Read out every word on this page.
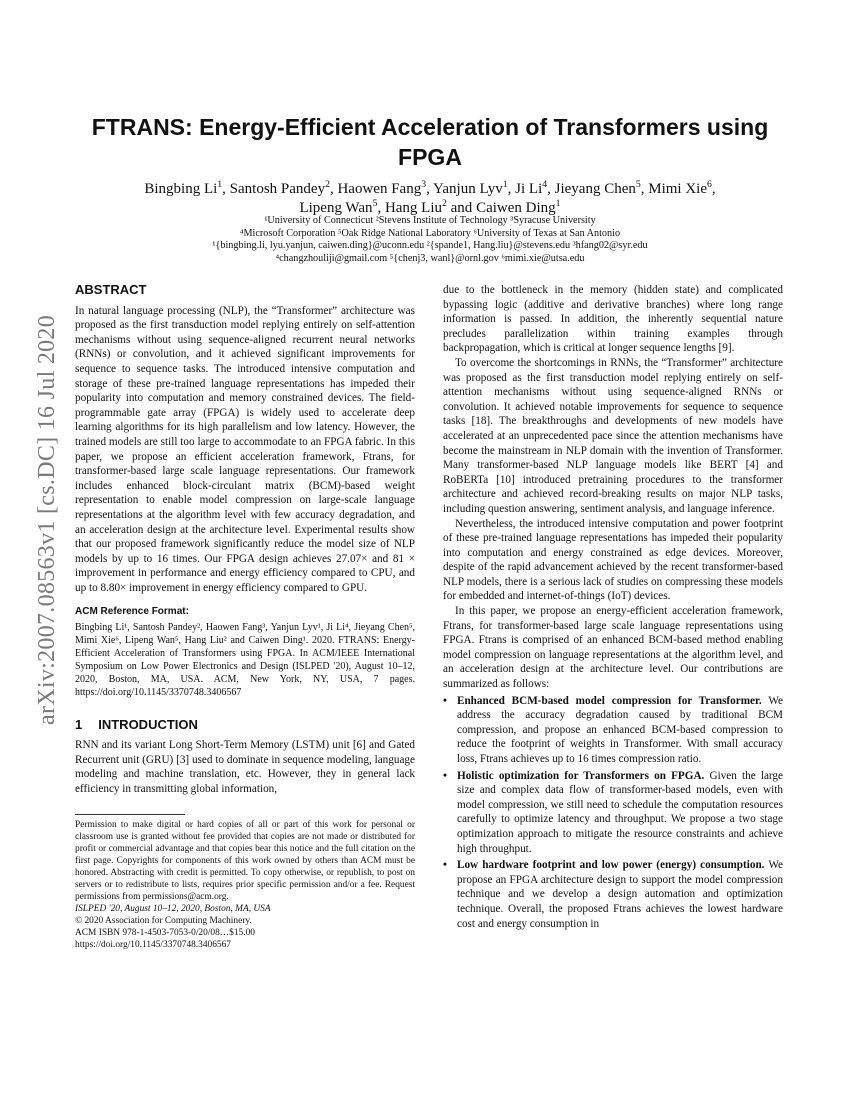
arXiv:2007.08563v1 [cs.DC] 16 Jul 2020
FTRANS: Energy-Efficient Acceleration of Transformers using FPGA
Bingbing Li$^1$, Santosh Pandey$^2$, Haowen Fang$^3$, Yanjun Lyv$^1$, Ji Li$^4$, Jieyang Chen$^5$, Mimi Xie$^6$,
Lipeng Wan$^5$, Hang Liu$^2$ and Caiwen Ding$^1$
¹University of Connecticut ²Stevens Institute of Technology ³Syracuse University
⁴Microsoft Corporation ⁵Oak Ridge National Laboratory ⁶University of Texas at San Antonio
¹{bingbing.li, lyu.yanjun, caiwen.ding}@uconn.edu ²{spande1, Hang.liu}@stevens.edu ³hfang02@syr.edu
⁴changzhouliji@gmail.com ⁵{chenj3, wanl}@ornl.gov ⁶mimi.xie@utsa.edu
ABSTRACT

In natural language processing (NLP), the “Transformer” architecture was proposed as the first transduction model replying entirely on self-attention mechanisms without using sequence-aligned recurrent neural networks (RNNs) or convolution, and it achieved significant improvements for sequence to sequence tasks. The introduced intensive computation and storage of these pre-trained language representations has impeded their popularity into computation and memory constrained devices. The field-programmable gate array (FPGA) is widely used to accelerate deep learning algorithms for its high parallelism and low latency. However, the trained models are still too large to accommodate to an FPGA fabric. In this paper, we propose an efficient acceleration framework, Ftrans, for transformer-based large scale language representations. Our framework includes enhanced block-circulant matrix (BCM)-based weight representation to enable model compression on large-scale language representations at the algorithm level with few accuracy degradation, and an acceleration design at the architecture level. Experimental results show that our proposed framework significantly reduce the model size of NLP models by up to 16 times. Our FPGA design achieves 27.07× and 81 × improvement in performance and energy efficiency compared to CPU, and up to 8.80× improvement in energy efficiency compared to GPU.

ACM Reference Format:

Bingbing Li¹, Santosh Pandey², Haowen Fang³, Yanjun Lyv¹, Ji Li⁴, Jieyang Chen⁵, Mimi Xie⁶, Lipeng Wan⁵, Hang Liu² and Caiwen Ding¹. 2020. FTRANS: Energy-Efficient Acceleration of Transformers using FPGA. In ACM/IEEE International Symposium on Low Power Electronics and Design (ISLPED '20), August 10–12, 2020, Boston, MA, USA. ACM, New York, NY, USA, 7 pages. https://doi.org/10.1145/3370748.3406567

1 INTRODUCTION

RNN and its variant Long Short-Term Memory (LSTM) unit [6] and Gated Recurrent unit (GRU) [3] used to dominate in sequence modeling, language modeling and machine translation, etc. However, they in general lack efficiency in transmitting global information,

Permission to make digital or hard copies of all or part of this work for personal or classroom use is granted without fee provided that copies are not made or distributed for profit or commercial advantage and that copies bear this notice and the full citation on the first page. Copyrights for components of this work owned by others than ACM must be honored. Abstracting with credit is permitted. To copy otherwise, or republish, to post on servers or to redistribute to lists, requires prior specific permission and/or a fee. Request permissions from permissions@acm.org.

ISLPED '20, August 10–12, 2020, Boston, MA, USA

© 2020 Association for Computing Machinery.

ACM ISBN 978-1-4503-7053-0/20/08…$15.00

https://doi.org/10.1145/3370748.3406567

due to the bottleneck in the memory (hidden state) and complicated bypassing logic (additive and derivative branches) where long range information is passed. In addition, the inherently sequential nature precludes parallelization within training examples through backpropagation, which is critical at longer sequence lengths [9].

To overcome the shortcomings in RNNs, the “Transformer” architecture was proposed as the first transduction model replying entirely on self-attention mechanisms without using sequence-aligned RNNs or convolution. It achieved notable improvements for sequence to sequence tasks [18]. The breakthroughs and developments of new models have accelerated at an unprecedented pace since the attention mechanisms have become the mainstream in NLP domain with the invention of Transformer. Many transformer-based NLP language models like BERT [4] and RoBERTa [10] introduced pretraining procedures to the transformer architecture and achieved record-breaking results on major NLP tasks, including question answering, sentiment analysis, and language inference.

Nevertheless, the introduced intensive computation and power footprint of these pre-trained language representations has impeded their popularity into computation and energy constrained as edge devices. Moreover, despite of the rapid advancement achieved by the recent transformer-based NLP models, there is a serious lack of studies on compressing these models for embedded and internet-of-things (IoT) devices.

In this paper, we propose an energy-efficient acceleration framework, Ftrans, for transformer-based large scale language representations using FPGA. Ftrans is comprised of an enhanced BCM-based method enabling model compression on language representations at the algorithm level, and an acceleration design at the architecture level. Our contributions are summarized as follows:

• Enhanced BCM-based model compression for Transformer. We address the accuracy degradation caused by traditional BCM compression, and propose an enhanced BCM-based compression to reduce the footprint of weights in Transformer. With small accuracy loss, Ftrans achieves up to 16 times compression ratio.
• Holistic optimization for Transformers on FPGA. Given the large size and complex data flow of transformer-based models, even with model compression, we still need to schedule the computation resources carefully to optimize latency and throughput. We propose a two stage optimization approach to mitigate the resource constraints and achieve high throughput.
• Low hardware footprint and low power (energy) consumption. We propose an FPGA architecture design to support the model compression technique and we develop a design automation and optimization technique. Overall, the proposed Ftrans achieves the lowest hardware cost and energy consumption in
